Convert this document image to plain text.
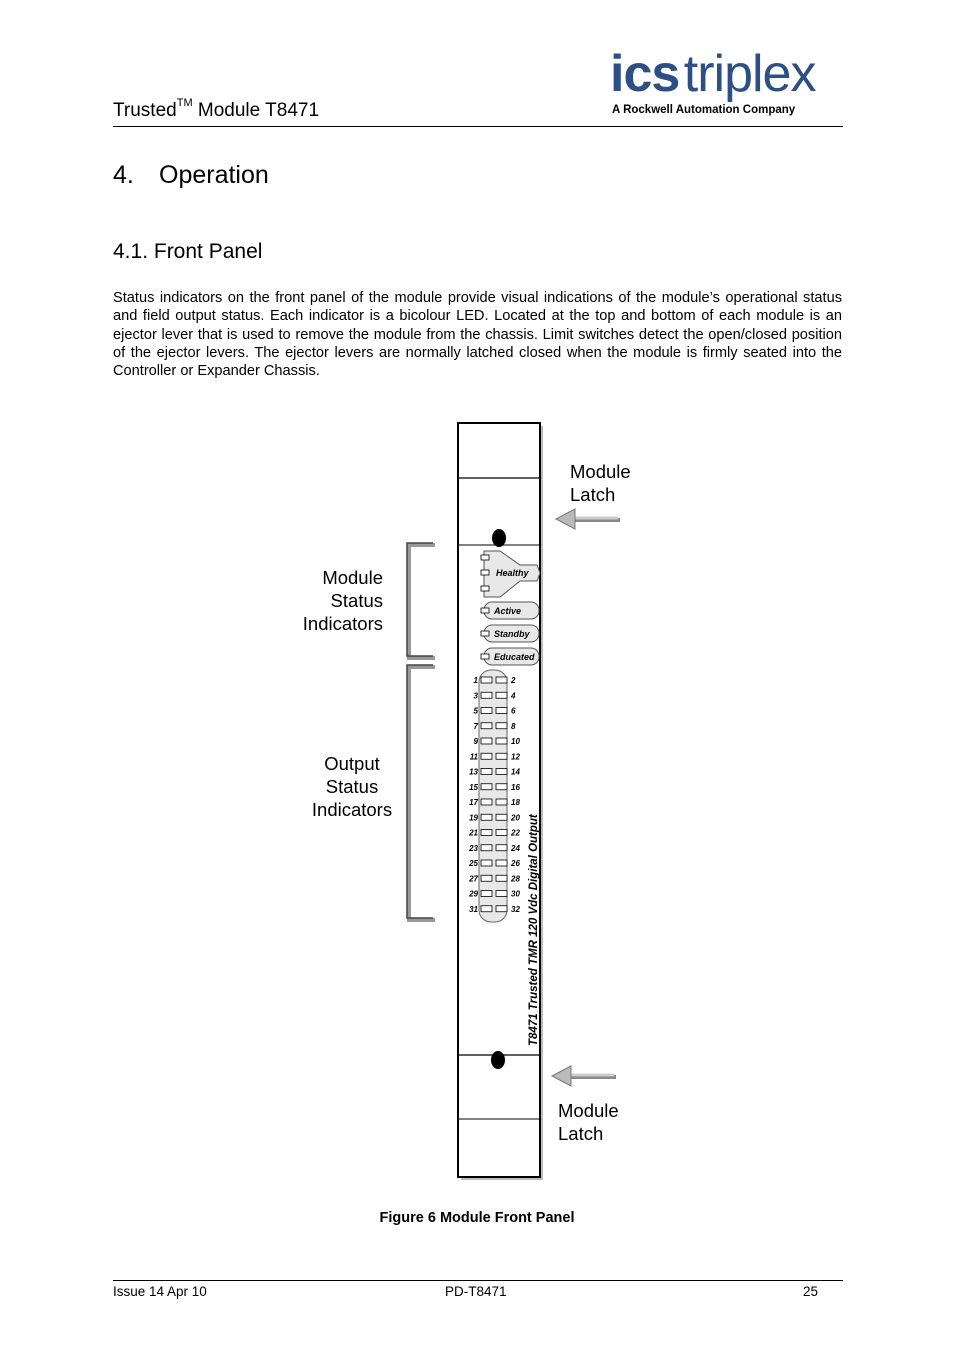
Trusted™ Module T8471
ics triplex
A Rockwell Automation Company
4. Operation
4.1. Front Panel
Status indicators on the front panel of the module provide visual indications of the module’s operational status and field output status. Each indicator is a bicolour LED. Located at the top and bottom of each module is an ejector lever that is used to remove the module from the chassis. Limit switches detect the open/closed position of the ejector levers. The ejector levers are normally latched closed when the module is firmly seated into the Controller or Expander Chassis.
Module
Latch
Module
Status
Indicators
Output
Status
Indicators
Module
Latch
Healthy
Active
Standby
Educated
1	2
3	4
5	6
7	8
9	10
11	12
13	14
15	16
17	18
19	20
21	22
23	24
25	26
27	28
29	30
31	32 T8471 Trusted TMR 120 Vdc Digital Output
Figure 6 Module Front Panel
Issue 14 Apr 10	PD-T8471	25
